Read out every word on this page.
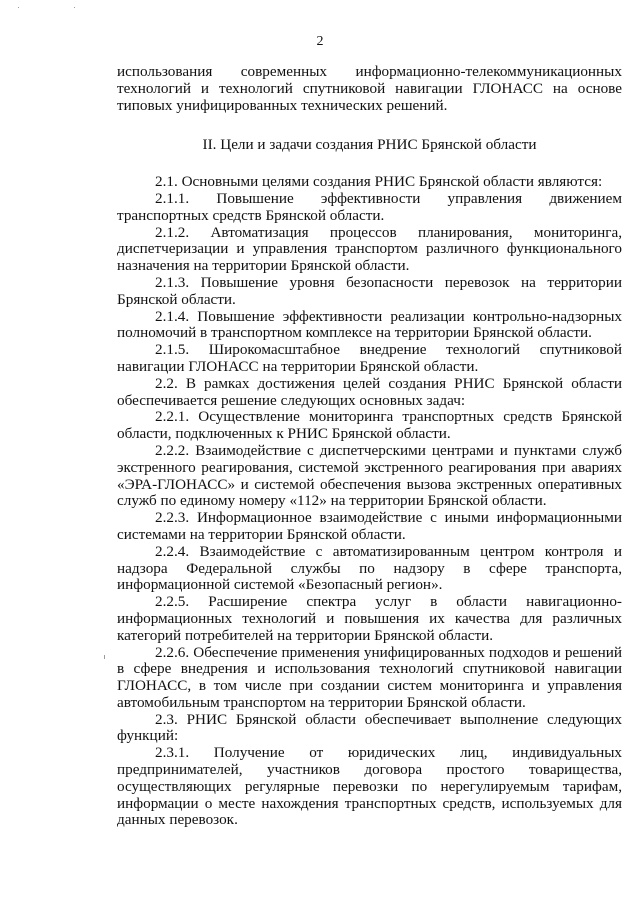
2

использования современных информационно-телекоммуникационных технологий и технологий спутниковой навигации ГЛОНАСС на основе типовых унифицированных технических решений.

II. Цели и задачи создания РНИС Брянской области

2.1. Основными целями создания РНИС Брянской области являются:

2.1.1. Повышение эффективности управления движением транспортных средств Брянской области.

2.1.2. Автоматизация процессов планирования, мониторинга, диспетчеризации и управления транспортом различного функционального назначения на территории Брянской области.

2.1.3. Повышение уровня безопасности перевозок на территории Брянской области.

2.1.4. Повышение эффективности реализации контрольно-надзорных полномочий в транспортном комплексе на территории Брянской области.

2.1.5. Широкомасштабное внедрение технологий спутниковой навигации ГЛОНАСС на территории Брянской области.

2.2. В рамках достижения целей создания РНИС Брянской области обеспечивается решение следующих основных задач:

2.2.1. Осуществление мониторинга транспортных средств Брянской области, подключенных к РНИС Брянской области.

2.2.2. Взаимодействие с диспетчерскими центрами и пунктами служб экстренного реагирования, системой экстренного реагирования при авариях «ЭРА-ГЛОНАСС» и системой обеспечения вызова экстренных оперативных служб по единому номеру «112» на территории Брянской области.

2.2.3. Информационное взаимодействие с иными информационными системами на территории Брянской области.

2.2.4. Взаимодействие с автоматизированным центром контроля и надзора Федеральной службы по надзору в сфере транспорта, информационной системой «Безопасный регион».

2.2.5. Расширение спектра услуг в области навигационно-информационных технологий и повышения их качества для различных категорий потребителей на территории Брянской области.

2.2.6. Обеспечение применения унифицированных подходов и решений в сфере внедрения и использования технологий спутниковой навигации ГЛОНАСС, в том числе при создании систем мониторинга и управления автомобильным транспортом на территории Брянской области.

2.3. РНИС Брянской области обеспечивает выполнение следующих функций:

2.3.1. Получение от юридических лиц, индивидуальных предпринимателей, участников договора простого товарищества, осуществляющих регулярные перевозки по нерегулируемым тарифам, информации о месте нахождения транспортных средств, используемых для данных перевозок.
